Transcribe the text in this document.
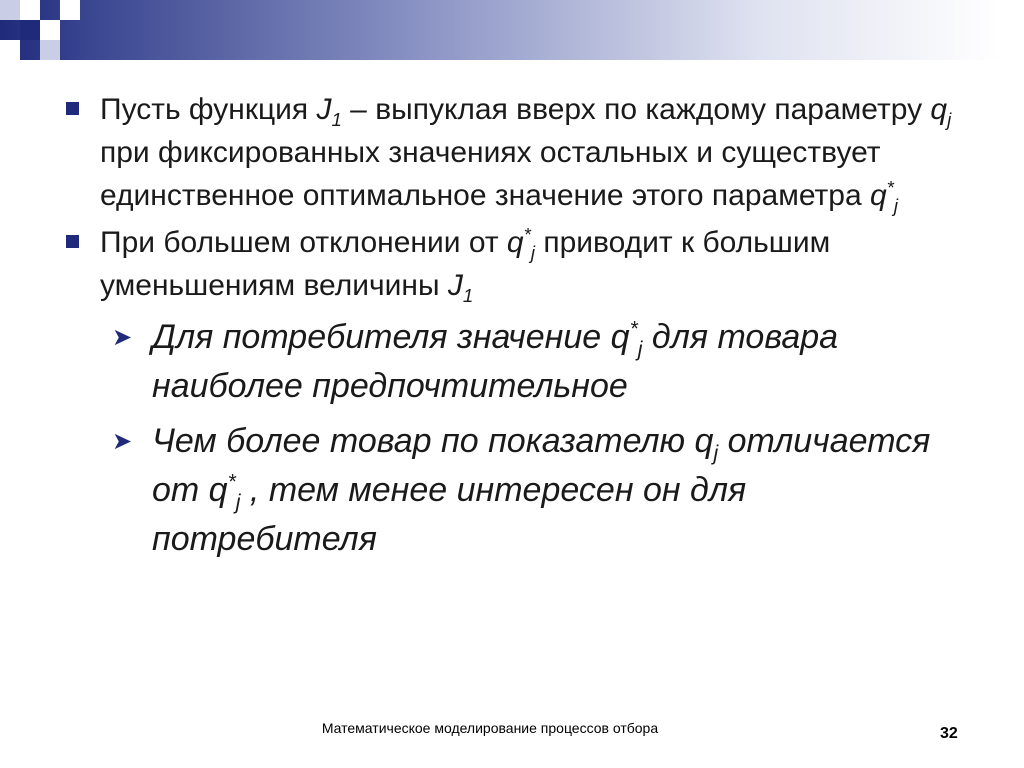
Пусть функция $J_1$ – выпуклая вверх по каждому параметру $q_j$ при фиксированных значениях остальных и существует единственное оптимальное значение этого параметра $q^*_j$
При большем отклонении от $q^*_j$ приводит к большим уменьшениям величины $J_1$
➤ Для потребителя значение $q^*_j$ для товара наиболее предпочтительное
➤ Чем более товар по показателю $q_j$ отличается от $q^*_j$ , тем менее интересен он для потребителя
Математическое моделирование процессов отбора	32
